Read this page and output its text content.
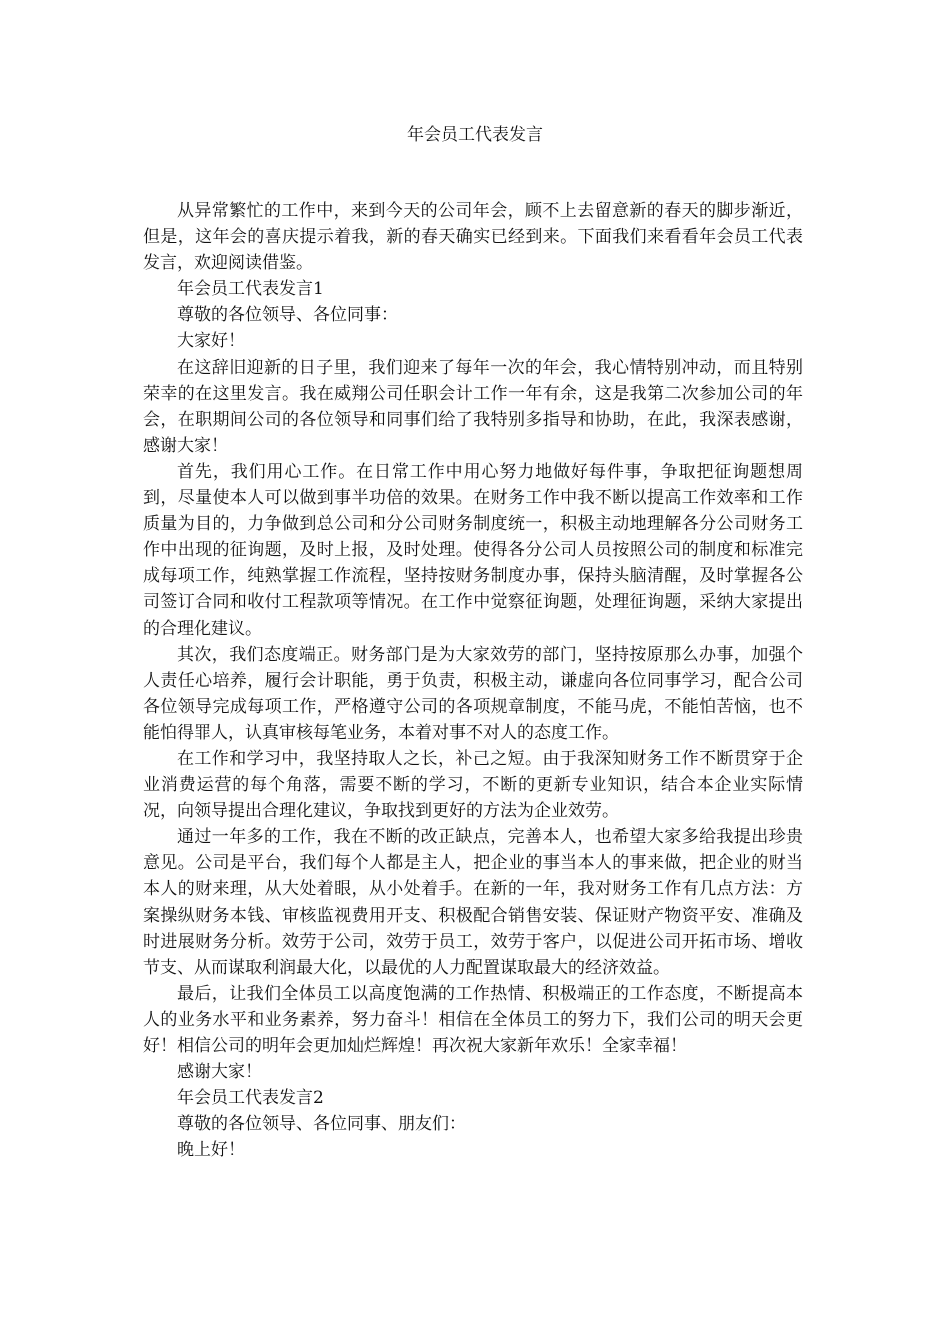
年会员工代表发言

从异常繁忙的工作中，来到今天的公司年会，顾不上去留意新的春天的脚步渐近，但是，这年会的喜庆提示着我，新的春天确实已经到来。下面我们来看看年会员工代表发言，欢迎阅读借鉴。

年会员工代表发言1

尊敬的各位领导、各位同事：

大家好！

在这辞旧迎新的日子里，我们迎来了每年一次的年会，我心情特别冲动，而且特别荣幸的在这里发言。我在威翔公司任职会计工作一年有余，这是我第二次参加公司的年会，在职期间公司的各位领导和同事们给了我特别多指导和协助，在此，我深表感谢，感谢大家！

首先，我们用心工作。在日常工作中用心努力地做好每件事，争取把征询题想周到，尽量使本人可以做到事半功倍的效果。在财务工作中我不断以提高工作效率和工作质量为目的，力争做到总公司和分公司财务制度统一，积极主动地理解各分公司财务工作中出现的征询题，及时上报，及时处理。使得各分公司人员按照公司的制度和标准完成每项工作，纯熟掌握工作流程，坚持按财务制度办事，保持头脑清醒，及时掌握各公司签订合同和收付工程款项等情况。在工作中觉察征询题，处理征询题，采纳大家提出的合理化建议。

其次，我们态度端正。财务部门是为大家效劳的部门，坚持按原那么办事，加强个人责任心培养，履行会计职能，勇于负责，积极主动，谦虚向各位同事学习，配合公司各位领导完成每项工作，严格遵守公司的各项规章制度，不能马虎，不能怕苦恼，也不能怕得罪人，认真审核每笔业务，本着对事不对人的态度工作。

在工作和学习中，我坚持取人之长，补己之短。由于我深知财务工作不断贯穿于企业消费运营的每个角落，需要不断的学习，不断的更新专业知识，结合本企业实际情况，向领导提出合理化建议，争取找到更好的方法为企业效劳。

通过一年多的工作，我在不断的改正缺点，完善本人，也希望大家多给我提出珍贵意见。公司是平台，我们每个人都是主人，把企业的事当本人的事来做，把企业的财当本人的财来理，从大处着眼，从小处着手。在新的一年，我对财务工作有几点方法：方案操纵财务本钱、审核监视费用开支、积极配合销售安装、保证财产物资平安、准确及时进展财务分析。效劳于公司，效劳于员工，效劳于客户，以促进公司开拓市场、增收节支、从而谋取利润最大化，以最优的人力配置谋取最大的经济效益。

最后，让我们全体员工以高度饱满的工作热情、积极端正的工作态度，不断提高本人的业务水平和业务素养，努力奋斗！相信在全体员工的努力下，我们公司的明天会更好！相信公司的明年会更加灿烂辉煌！再次祝大家新年欢乐！全家幸福！

感谢大家！

年会员工代表发言2

尊敬的各位领导、各位同事、朋友们：

晚上好！
